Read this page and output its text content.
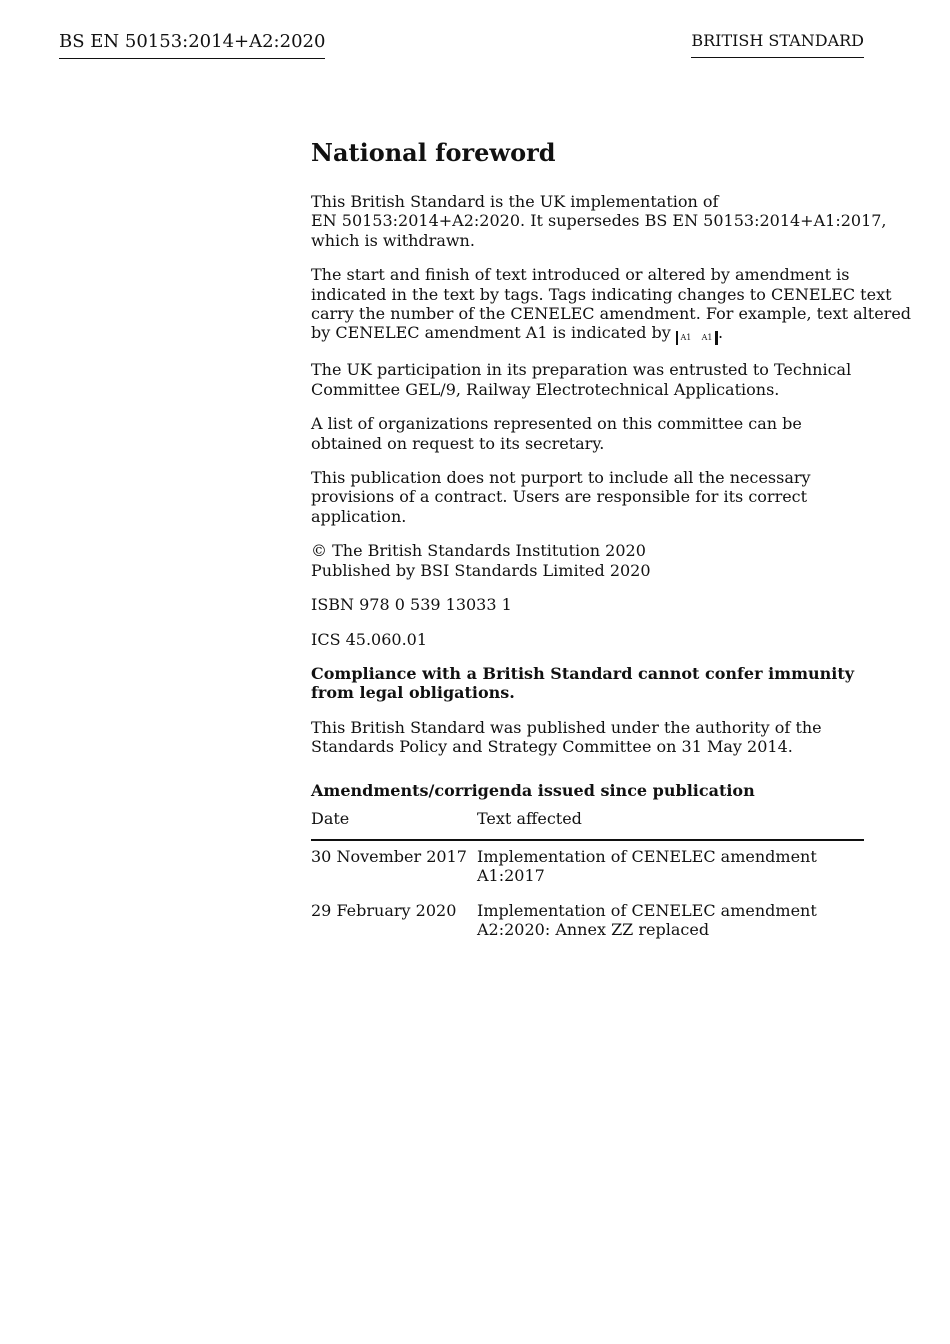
BS EN 50153:2014+A2:2020	BRITISH STANDARD
National foreword

This British Standard is the UK implementation of
EN 50153:2014+A2:2020. It supersedes BS EN 50153:2014+A1:2017,
which is withdrawn.

The start and finish of text introduced or altered by amendment is
indicated in the text by tags. Tags indicating changes to CENELEC text
carry the number of the CENELEC amendment. For example, text altered
by CENELEC amendment A1 is indicated by A1 A1 .

The UK participation in its preparation was entrusted to Technical Committee GEL/9, Railway Electrotechnical Applications.

A list of organizations represented on this committee can be obtained on request to its secretary.

This publication does not purport to include all the necessary provisions of a contract. Users are responsible for its correct application.

© The British Standards Institution 2020
Published by BSI Standards Limited 2020

ISBN 978 0 539 13033 1

ICS 45.060.01

Compliance with a British Standard cannot confer immunity from legal obligations.

This British Standard was published under the authority of the Standards Policy and Strategy Committee on 31 May 2014.

Amendments/corrigenda issued since publication
Date	Text affected
30 November 2017	Implementation of CENELEC amendment A1:2017
29 February 2020	Implementation of CENELEC amendment A2:2020: Annex ZZ replaced
